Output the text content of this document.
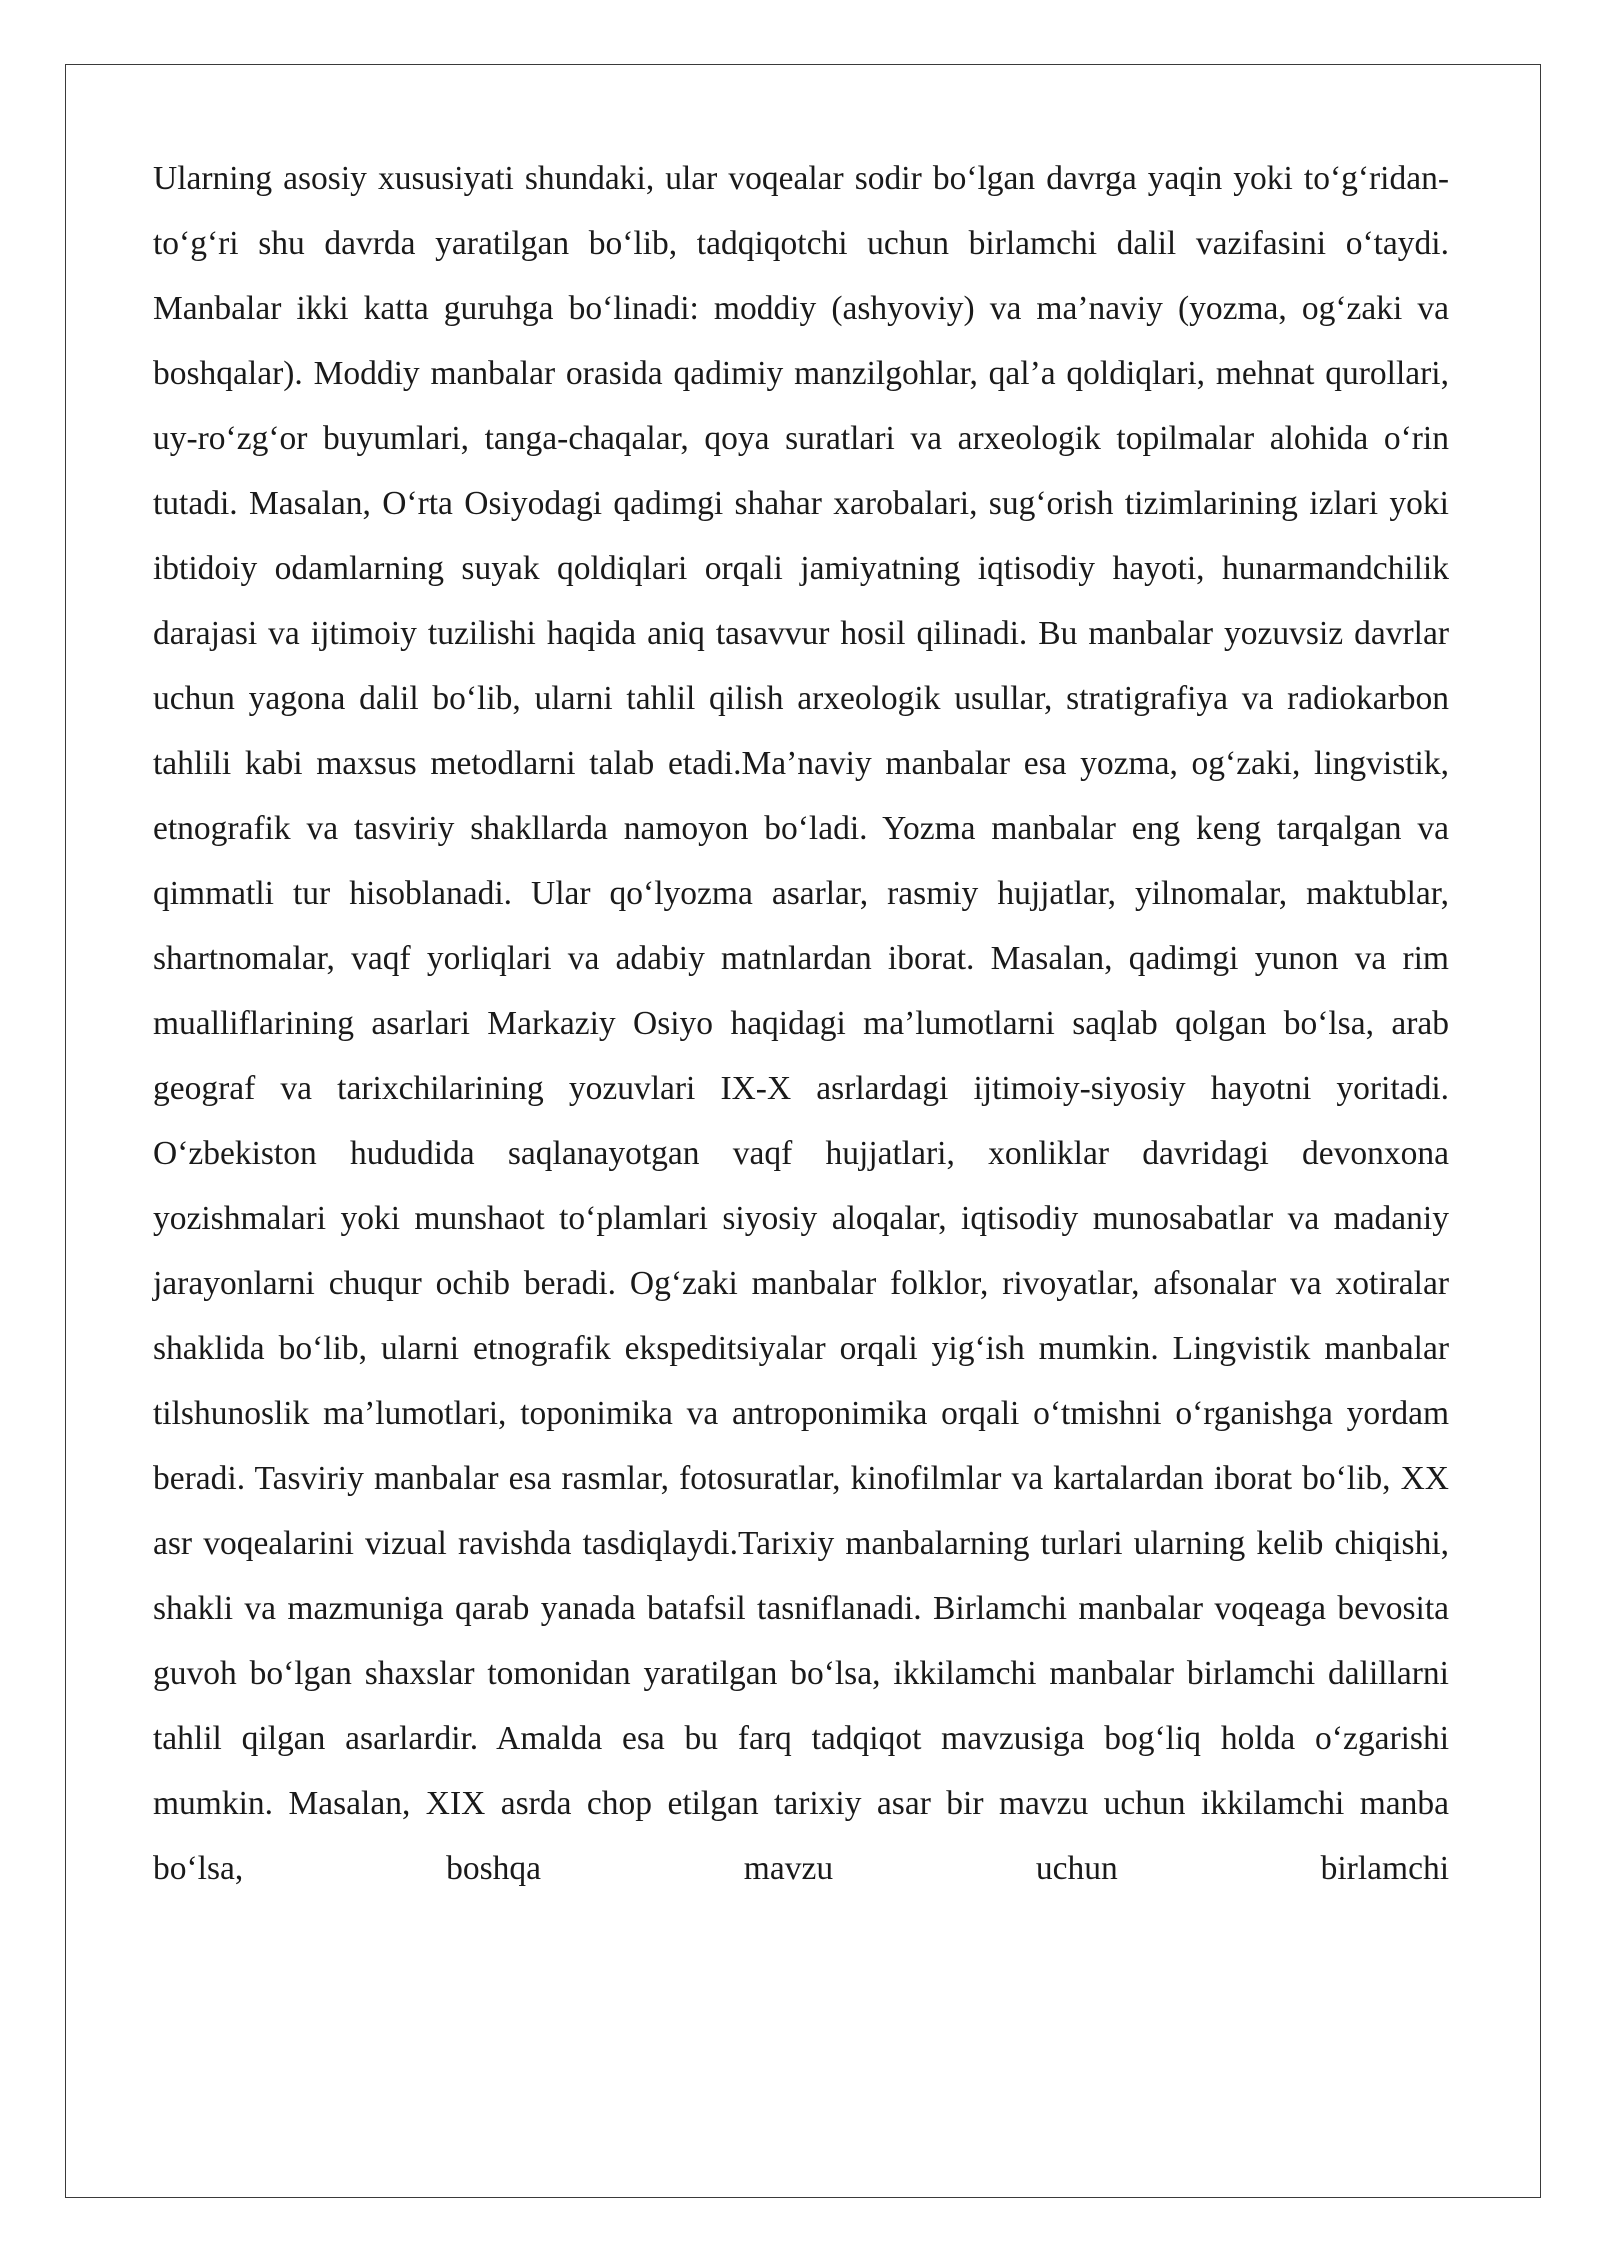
Ularning asosiy xususiyati shundaki, ular voqealar sodir bo‘lgan davrga yaqin yoki to‘g‘ridan-to‘g‘ri shu davrda yaratilgan bo‘lib, tadqiqotchi uchun birlamchi dalil vazifasini o‘taydi. Manbalar ikki katta guruhga bo‘linadi: moddiy (ashyoviy) va ma’naviy (yozma, og‘zaki va boshqalar). Moddiy manbalar orasida qadimiy manzilgohlar, qal’a qoldiqlari, mehnat qurollari, uy-ro‘zg‘or buyumlari, tanga-chaqalar, qoya suratlari va arxeologik topilmalar alohida o‘rin tutadi. Masalan, O‘rta Osiyodagi qadimgi shahar xarobalari, sug‘orish tizimlarining izlari yoki ibtidoiy odamlarning suyak qoldiqlari orqali jamiyatning iqtisodiy hayoti, hunarmandchilik darajasi va ijtimoiy tuzilishi haqida aniq tasavvur hosil qilinadi. Bu manbalar yozuvsiz davrlar uchun yagona dalil bo‘lib, ularni tahlil qilish arxeologik usullar, stratigrafiya va radiokarbon tahlili kabi maxsus metodlarni talab etadi.Ma’naviy manbalar esa yozma, og‘zaki, lingvistik, etnografik va tasviriy shakllarda namoyon bo‘ladi. Yozma manbalar eng keng tarqalgan va qimmatli tur hisoblanadi. Ular qo‘lyozma asarlar, rasmiy hujjatlar, yilnomalar, maktublar, shartnomalar, vaqf yorliqlari va adabiy matnlardan iborat. Masalan, qadimgi yunon va rim mualliflarining asarlari Markaziy Osiyo haqidagi ma’lumotlarni saqlab qolgan bo‘lsa, arab geograf va tarixchilarining yozuvlari IX-X asrlardagi ijtimoiy-siyosiy hayotni yoritadi. O‘zbekiston hududida saqlanayotgan vaqf hujjatlari, xonliklar davridagi devonxona yozishmalari yoki munshaot to‘plamlari siyosiy aloqalar, iqtisodiy munosabatlar va madaniy jarayonlarni chuqur ochib beradi. Og‘zaki manbalar folklor, rivoyatlar, afsonalar va xotiralar shaklida bo‘lib, ularni etnografik ekspeditsiyalar orqali yig‘ish mumkin. Lingvistik manbalar tilshunoslik ma’lumotlari, toponimika va antroponimika orqali o‘tmishni o‘rganishga yordam beradi. Tasviriy manbalar esa rasmlar, fotosuratlar, kinofilmlar va kartalardan iborat bo‘lib, XX asr voqealarini vizual ravishda tasdiqlaydi.Tarixiy manbalarning turlari ularning kelib chiqishi, shakli va mazmuniga qarab yanada batafsil tasniflanadi. Birlamchi manbalar voqeaga bevosita guvoh bo‘lgan shaxslar tomonidan yaratilgan bo‘lsa, ikkilamchi manbalar birlamchi dalillarni tahlil qilgan asarlardir. Amalda esa bu farq tadqiqot mavzusiga bog‘liq holda o‘zgarishi mumkin. Masalan, XIX asrda chop etilgan tarixiy asar bir mavzu uchun ikkilamchi manba bo‘lsa, boshqa mavzu uchun birlamchi
